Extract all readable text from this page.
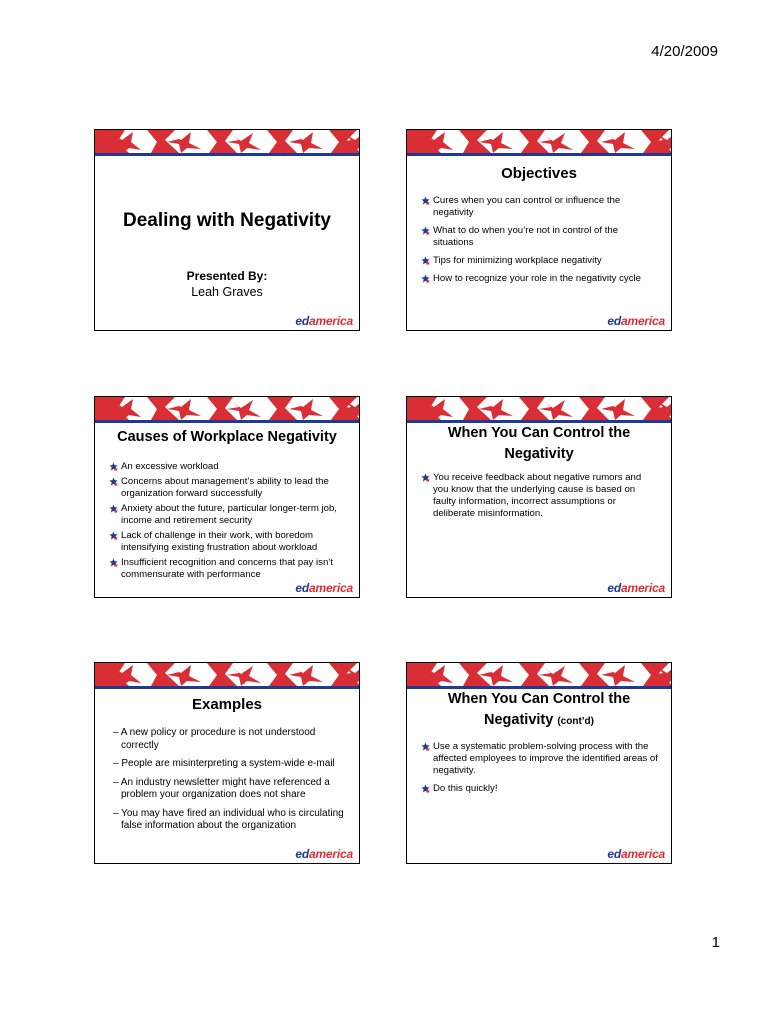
4/20/2009
Dealing with Negativity
Presented By:
Leah Graves
edamerica
Objectives
Cures when you can control or influence the negativity
What to do when you’re not in control of the situations
Tips for minimizing workplace negativity
How to recognize your role in the negativity cycle
edamerica
Causes of Workplace Negativity
An excessive workload
Concerns about management’s ability to lead the organization forward successfully
Anxiety about the future, particular longer-term job, income and retirement security
Lack of challenge in their work, with boredom intensifying existing frustration about workload
Insufficient recognition and concerns that pay isn’t commensurate with performance
edamerica
When You Can Control the
Negativity
You receive feedback about negative rumors and you know that the underlying cause is based on faulty information, incorrect assumptions or deliberate misinformation.
edamerica
Examples
– A new policy or procedure is not understood correctly
– People are misinterpreting a system-wide e-mail
– An industry newsletter might have referenced a problem your organization does not share
– You may have fired an individual who is circulating false information about the organization
edamerica
When You Can Control the
Negativity (cont’d)
Use a systematic problem-solving process with the affected employees to improve the identified areas of negativity.
Do this quickly!
edamerica
1
